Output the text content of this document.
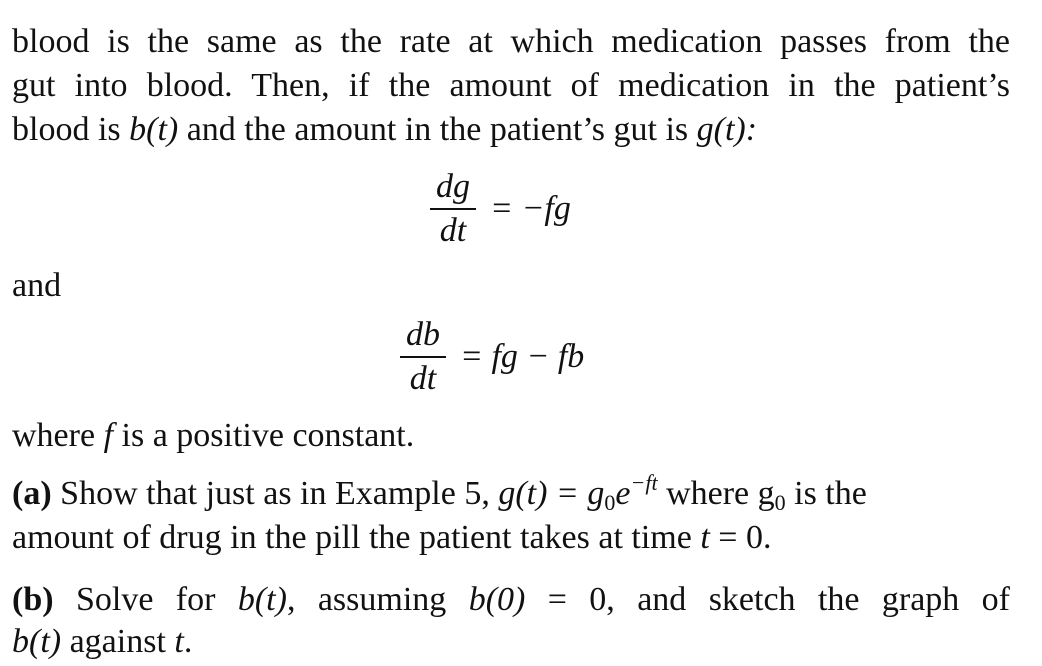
blood is the same as the rate at which medication passes from the
gut into blood. Then, if the amount of medication in the patient’s
blood is b(t) and the amount in the patient’s gut is g(t):
$\frac{dg}{dt} = -fg$
and
$\frac{db}{dt}$ = fg − fb
where f is a positive constant.
(a) Show that just as in Example 5, $g(t) = g_0e^{-ft}$ where $g_0$ is the
amount of drug in the pill the patient takes at time t = 0.
(b) Solve for b(t), assuming b(0) = 0, and sketch the graph of
b(t) against t.
